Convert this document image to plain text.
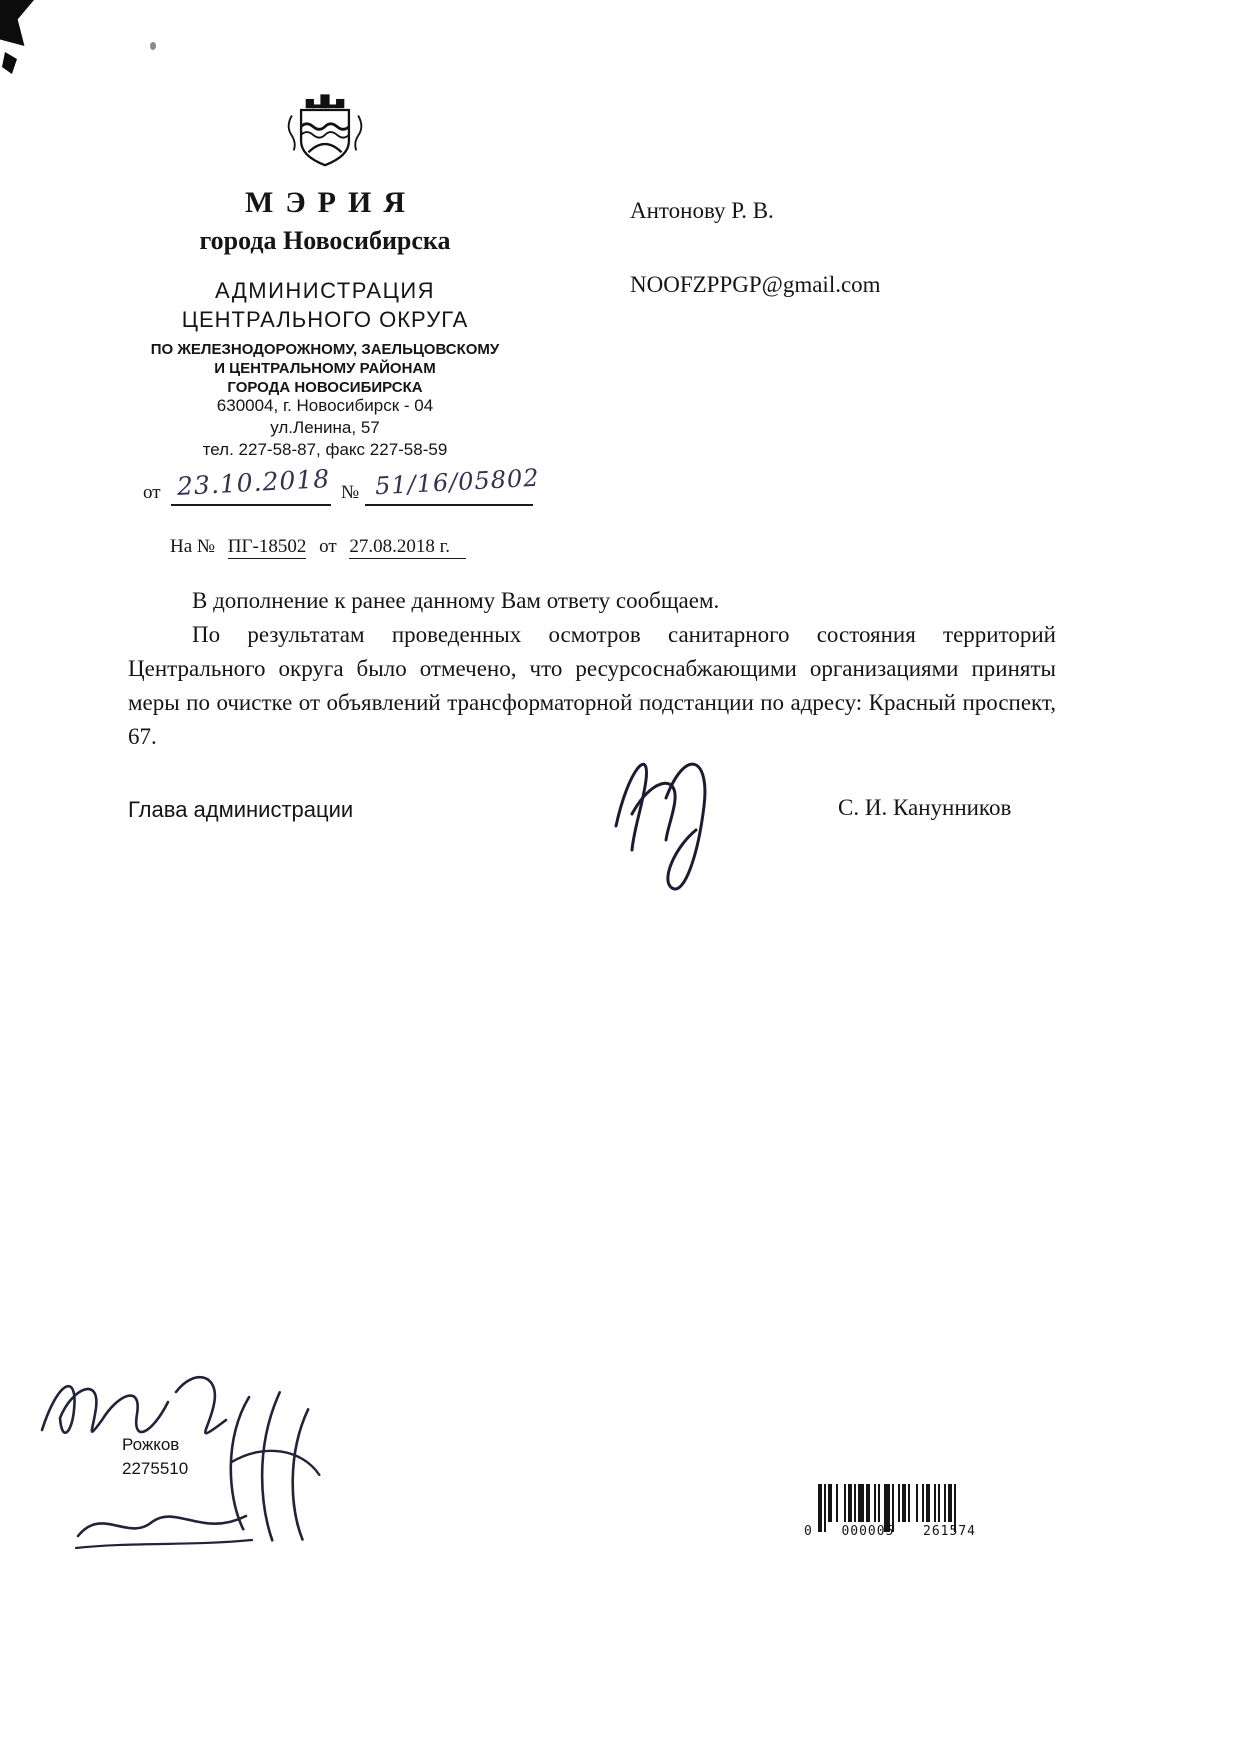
МЭРИЯ
города Новосибирска
АДМИНИСТРАЦИЯ
ЦЕНТРАЛЬНОГО ОКРУГА
ПО ЖЕЛЕЗНОДОРОЖНОМУ, ЗАЕЛЬЦОВСКОМУ
И ЦЕНТРАЛЬНОМУ РАЙОНАМ
ГОРОДА НОВОСИБИРСКА
630004, г. Новосибирск - 04
ул.Ленина, 57
тел. 227-58-87, факс 227-58-59
Антонову Р. В.
NOOFZPPGP@gmail.com
от 23.10.2018 № 51/16/05802
На № ПГ-18502 от 27.08.2018 г.

В дополнение к ранее данному Вам ответу сообщаем.

По результатам проведенных осмотров санитарного состояния территорий Центрального округа было отмечено, что ресурсоснабжающими организациями приняты меры по очистке от объявлений трансформаторной подстанции по адресу: Красный проспект, 67.

Глава администрации	С. И. Канунников
Рожков
2275510
0 000005 261574
